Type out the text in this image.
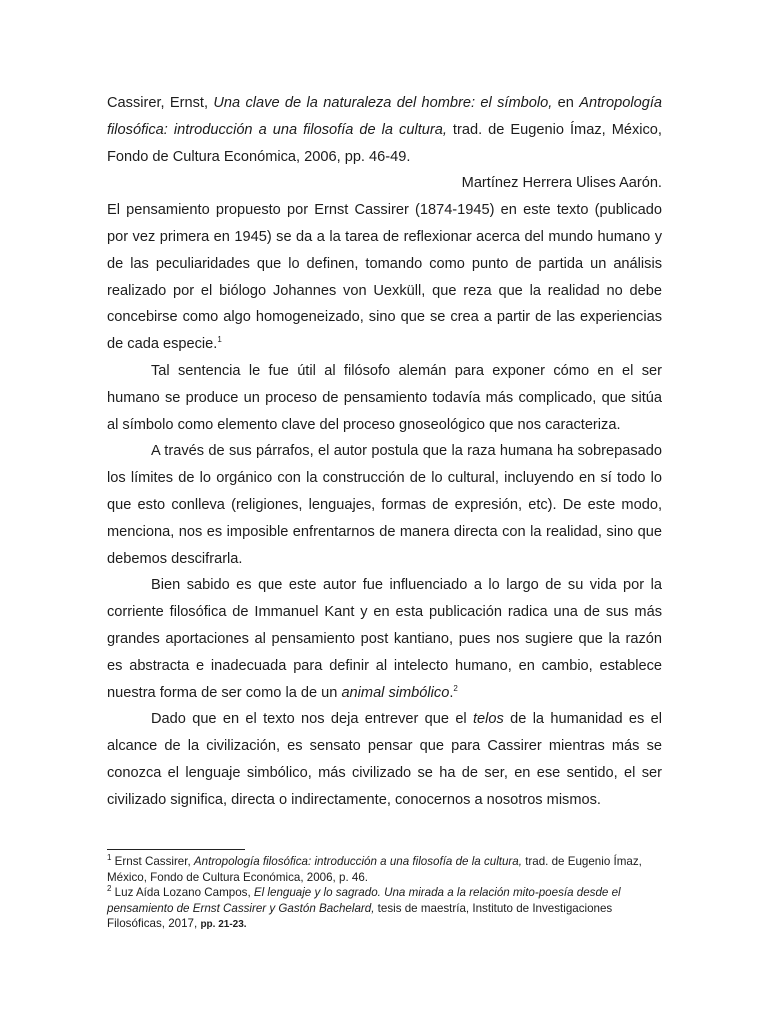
Cassirer, Ernst, Una clave de la naturaleza del hombre: el símbolo, en Antropología filosófica: introducción a una filosofía de la cultura, trad. de Eugenio Ímaz, México, Fondo de Cultura Económica, 2006, pp. 46-49.

Martínez Herrera Ulises Aarón.

El pensamiento propuesto por Ernst Cassirer (1874-1945) en este texto (publicado por vez primera en 1945) se da a la tarea de reflexionar acerca del mundo humano y de las peculiaridades que lo definen, tomando como punto de partida un análisis realizado por el biólogo Johannes von Uexküll, que reza que la realidad no debe concebirse como algo homogeneizado, sino que se crea a partir de las experiencias de cada especie.$^1$

Tal sentencia le fue útil al filósofo alemán para exponer cómo en el ser humano se produce un proceso de pensamiento todavía más complicado, que sitúa al símbolo como elemento clave del proceso gnoseológico que nos caracteriza.

A través de sus párrafos, el autor postula que la raza humana ha sobrepasado los límites de lo orgánico con la construcción de lo cultural, incluyendo en sí todo lo que esto conlleva (religiones, lenguajes, formas de expresión, etc). De este modo, menciona, nos es imposible enfrentarnos de manera directa con la realidad, sino que debemos descifrarla.

Bien sabido es que este autor fue influenciado a lo largo de su vida por la corriente filosófica de Immanuel Kant y en esta publicación radica una de sus más grandes aportaciones al pensamiento post kantiano, pues nos sugiere que la razón es abstracta e inadecuada para definir al intelecto humano, en cambio, establece nuestra forma de ser como la de un animal simbólico.$^2$

Dado que en el texto nos deja entrever que el telos de la humanidad es el alcance de la civilización, es sensato pensar que para Cassirer mientras más se conozca el lenguaje simbólico, más civilizado se ha de ser, en ese sentido, el ser civilizado significa, directa o indirectamente, conocernos a nosotros mismos.

$^1$ Ernst Cassirer, Antropología filosófica: introducción a una filosofía de la cultura, trad. de Eugenio Ímaz, México, Fondo de Cultura Económica, 2006, p. 46.

$^2$ Luz Aída Lozano Campos, El lenguaje y lo sagrado. Una mirada a la relación mito-poesía desde el pensamiento de Ernst Cassirer y Gastón Bachelard, tesis de maestría, Instituto de Investigaciones Filosóficas, 2017, pp. 21-23.
